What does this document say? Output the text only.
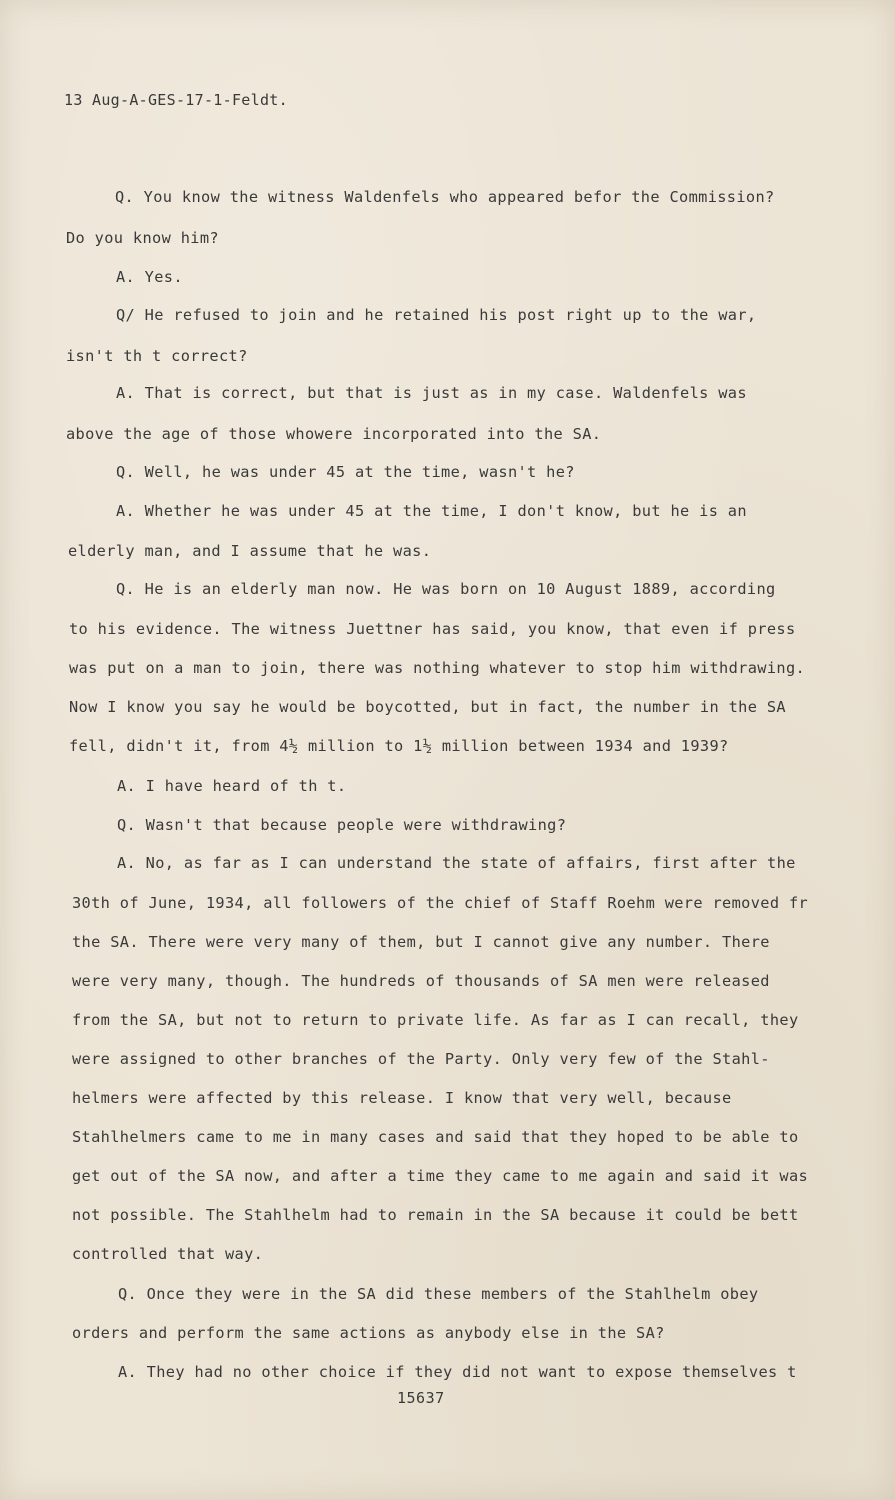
13 Aug-A-GES-17-1-Feldt.
Q. You know the witness Waldenfels who appeared befor the Commission?
Do you know him?
A. Yes.
Q/ He refused to join and he retained his post right up to the war,
isn't th t correct?
A. That is correct, but that is just as in my case. Waldenfels was
above the age of those whowere incorporated into the SA.
Q. Well, he was under 45 at the time, wasn't he?
A. Whether he was under 45 at the time, I don't know, but he is an
elderly man, and I assume that he was.
Q. He is an elderly man now. He was born on 10 August 1889, according
to his evidence. The witness Juettner has said, you know, that even if press
was put on a man to join, there was nothing whatever to stop him withdrawing.
Now I know you say he would be boycotted, but in fact, the number in the SA
fell, didn't it, from 4½ million to 1½ million between 1934 and 1939?
A. I have heard of th t.
Q. Wasn't that because people were withdrawing?
A. No, as far as I can understand the state of affairs, first after the
30th of June, 1934, all followers of the chief of Staff Roehm were removed fr
the SA. There were very many of them, but I cannot give any number. There
were very many, though. The hundreds of thousands of SA men were released
from the SA, but not to return to private life. As far as I can recall, they
were assigned to other branches of the Party. Only very few of the Stahl-
helmers were affected by this release. I know that very well, because
Stahlhelmers came to me in many cases and said that they hoped to be able to
get out of the SA now, and after a time they came to me again and said it was
not possible. The Stahlhelm had to remain in the SA because it could be bett
controlled that way.
Q. Once they were in the SA did these members of the Stahlhelm obey
orders and perform the same actions as anybody else in the SA?
A. They had no other choice if they did not want to expose themselves t
15637
